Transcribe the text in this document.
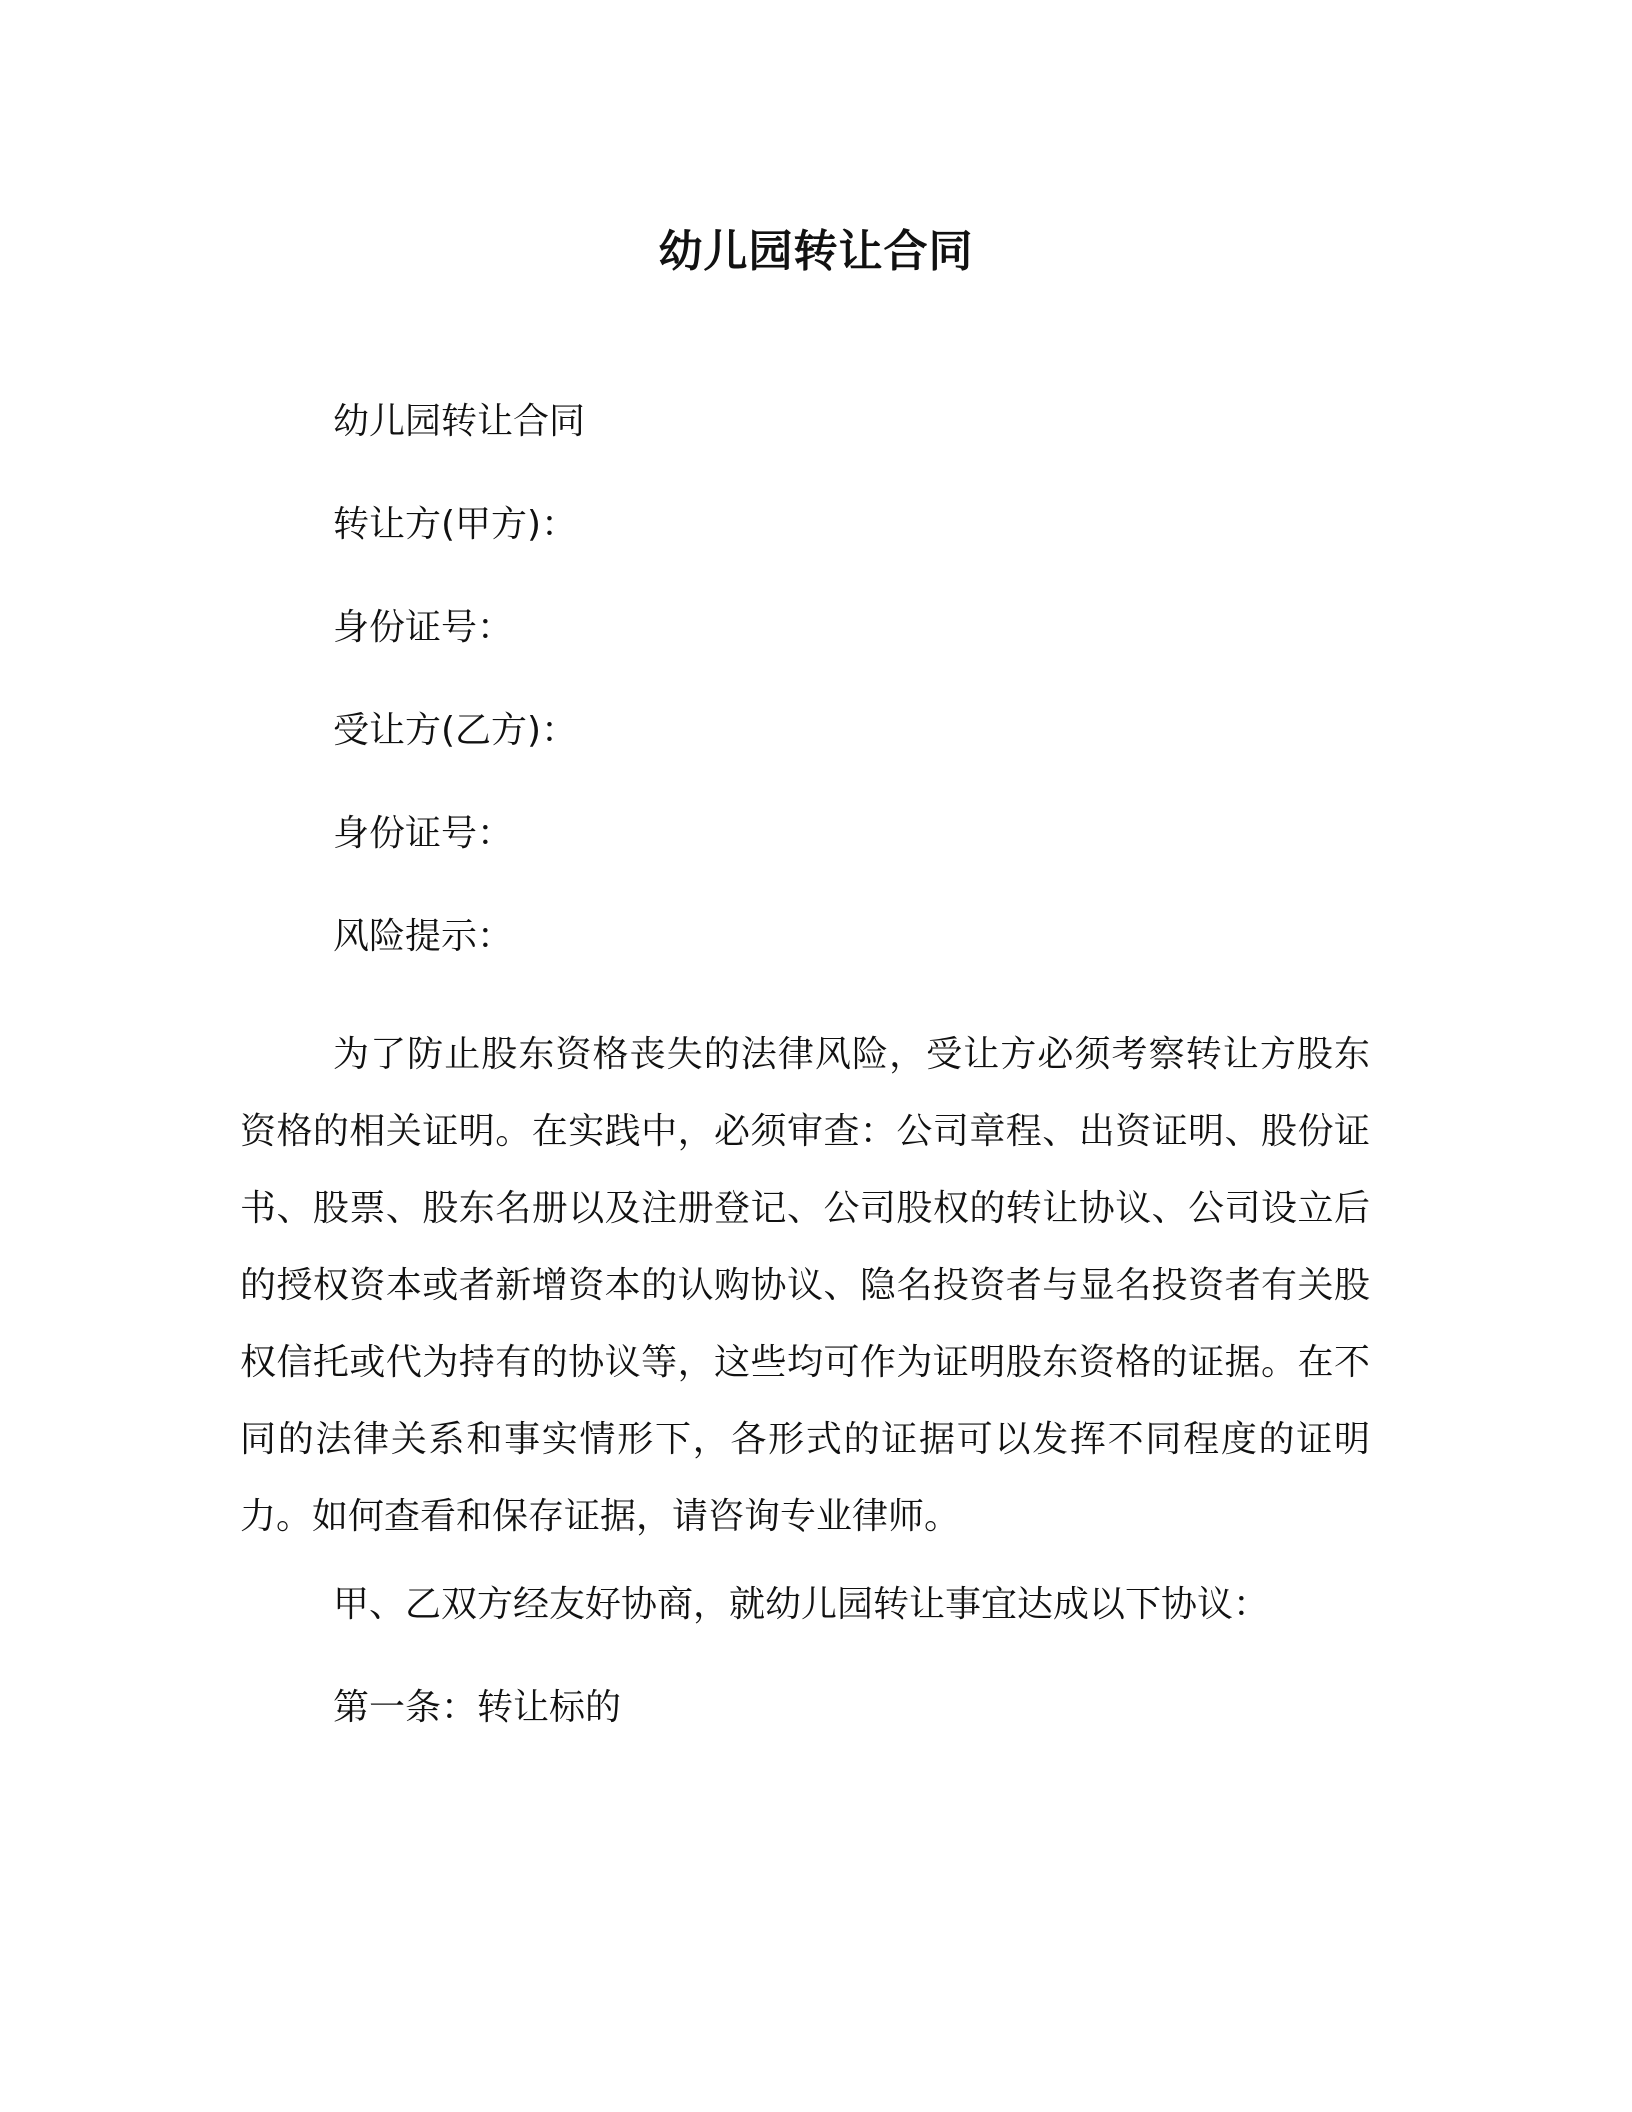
幼儿园转让合同
幼儿园转让合同
转让方(甲方)：
身份证号：
受让方(乙方)：
身份证号：
风险提示：
为了防止股东资格丧失的法律风险，受让方必须考察转让方股东资格的相关证明。在实践中，必须审查：公司章程、出资证明、股份证书、股票、股东名册以及注册登记、公司股权的转让协议、公司设立后的授权资本或者新增资本的认购协议、隐名投资者与显名投资者有关股权信托或代为持有的协议等，这些均可作为证明股东资格的证据。在不同的法律关系和事实情形下，各形式的证据可以发挥不同程度的证明力。如何查看和保存证据，请咨询专业律师。
甲、乙双方经友好协商，就幼儿园转让事宜达成以下协议：
第一条：转让标的
